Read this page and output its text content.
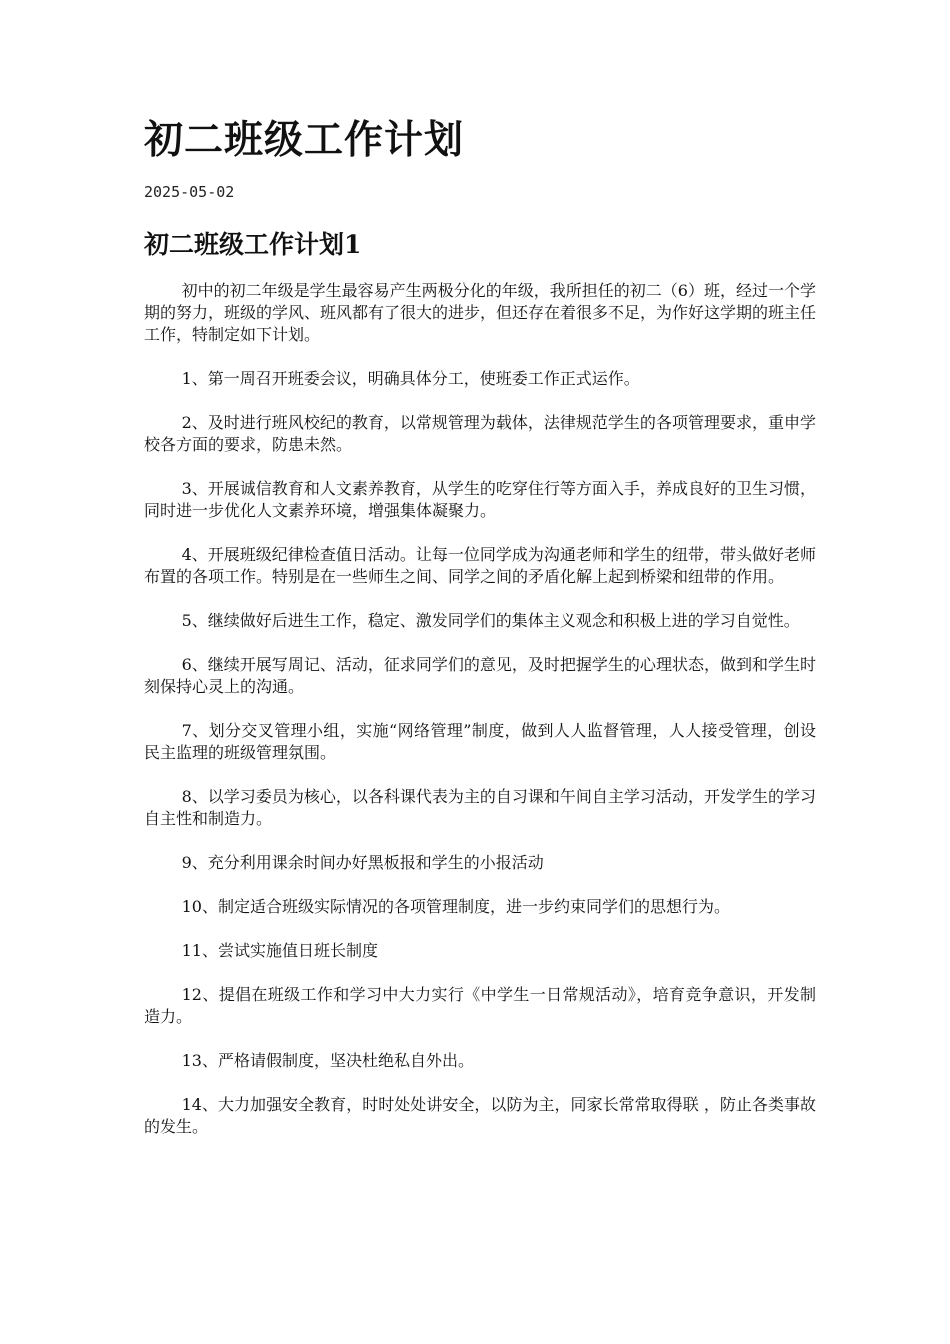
初二班级工作计划
2025-05-02
初二班级工作计划1

初中的初二年级是学生最容易产生两极分化的年级，我所担任的初二（6）班，经过一个学期的努力，班级的学风、班风都有了很大的进步，但还存在着很多不足，为作好这学期的班主任工作，特制定如下计划。

1、第一周召开班委会议，明确具体分工，使班委工作正式运作。

2、及时进行班风校纪的教育，以常规管理为载体，法律规范学生的各项管理要求，重申学校各方面的要求，防患未然。

3、开展诚信教育和人文素养教育，从学生的吃穿住行等方面入手，养成良好的卫生习惯，同时进一步优化人文素养环境，增强集体凝聚力。

4、开展班级纪律检查值日活动。让每一位同学成为沟通老师和学生的纽带，带头做好老师布置的各项工作。特别是在一些师生之间、同学之间的矛盾化解上起到桥梁和纽带的作用。

5、继续做好后进生工作，稳定、激发同学们的集体主义观念和积极上进的学习自觉性。

6、继续开展写周记、活动，征求同学们的意见，及时把握学生的心理状态，做到和学生时刻保持心灵上的沟通。

7、划分交叉管理小组，实施“网络管理”制度，做到人人监督管理，人人接受管理，创设民主监理的班级管理氛围。

8、以学习委员为核心，以各科课代表为主的自习课和午间自主学习活动，开发学生的学习自主性和制造力。

9、充分利用课余时间办好黑板报和学生的小报活动

10、制定适合班级实际情况的各项管理制度，进一步约束同学们的思想行为。

11、尝试实施值日班长制度

12、提倡在班级工作和学习中大力实行《中学生一日常规活动》，培育竞争意识，开发制造力。

13、严格请假制度，坚决杜绝私自外出。

14、大力加强安全教育，时时处处讲安全，以防为主，同家长常常取得联 ，防止各类事故的发生。
